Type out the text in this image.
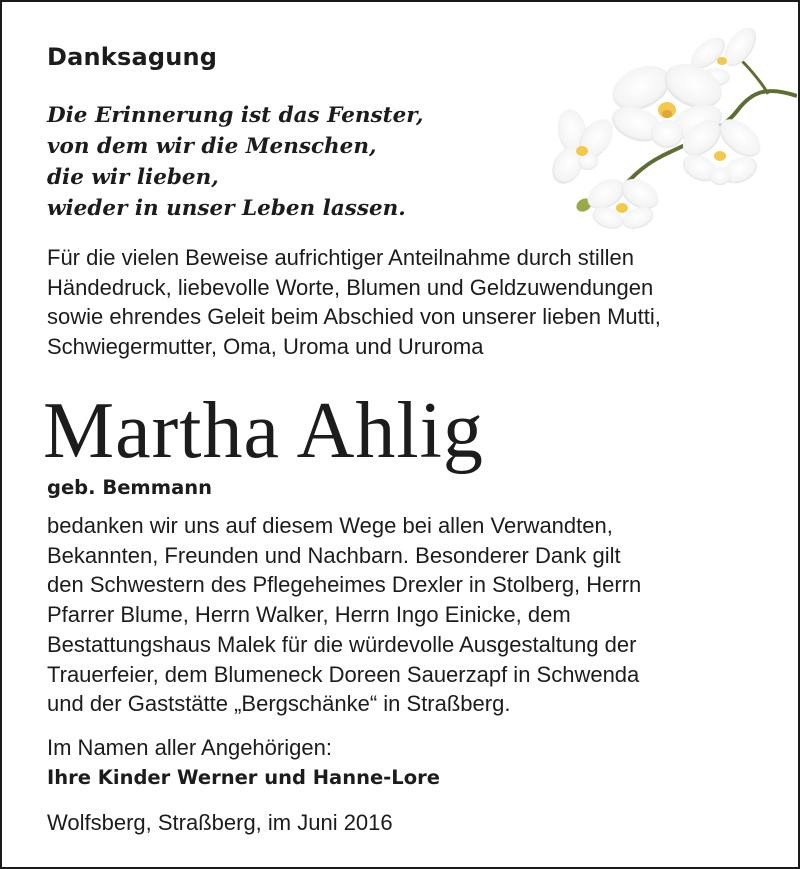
Danksagung
Die Erinnerung ist das Fenster,
von dem wir die Menschen,
die wir lieben,
wieder in unser Leben lassen.
Für die vielen Beweise aufrichtiger Anteilnahme durch stillen
Händedruck, liebevolle Worte, Blumen und Geldzuwendungen
sowie ehrendes Geleit beim Abschied von unserer lieben Mutti,
Schwiegermutter, Oma, Uroma und Ururoma
Martha Ahlig
geb. Bemmann
bedanken wir uns auf diesem Wege bei allen Verwandten,
Bekannten, Freunden und Nachbarn. Besonderer Dank gilt
den Schwestern des Pflegeheimes Drexler in Stolberg, Herrn
Pfarrer Blume, Herrn Walker, Herrn Ingo Einicke, dem
Bestattungshaus Malek für die würdevolle Ausgestaltung der
Trauerfeier, dem Blumeneck Doreen Sauerzapf in Schwenda
und der Gaststätte „Bergschänke“ in Straßberg.
Im Namen aller Angehörigen:
Ihre Kinder Werner und Hanne-Lore
Wolfsberg, Straßberg, im Juni 2016
